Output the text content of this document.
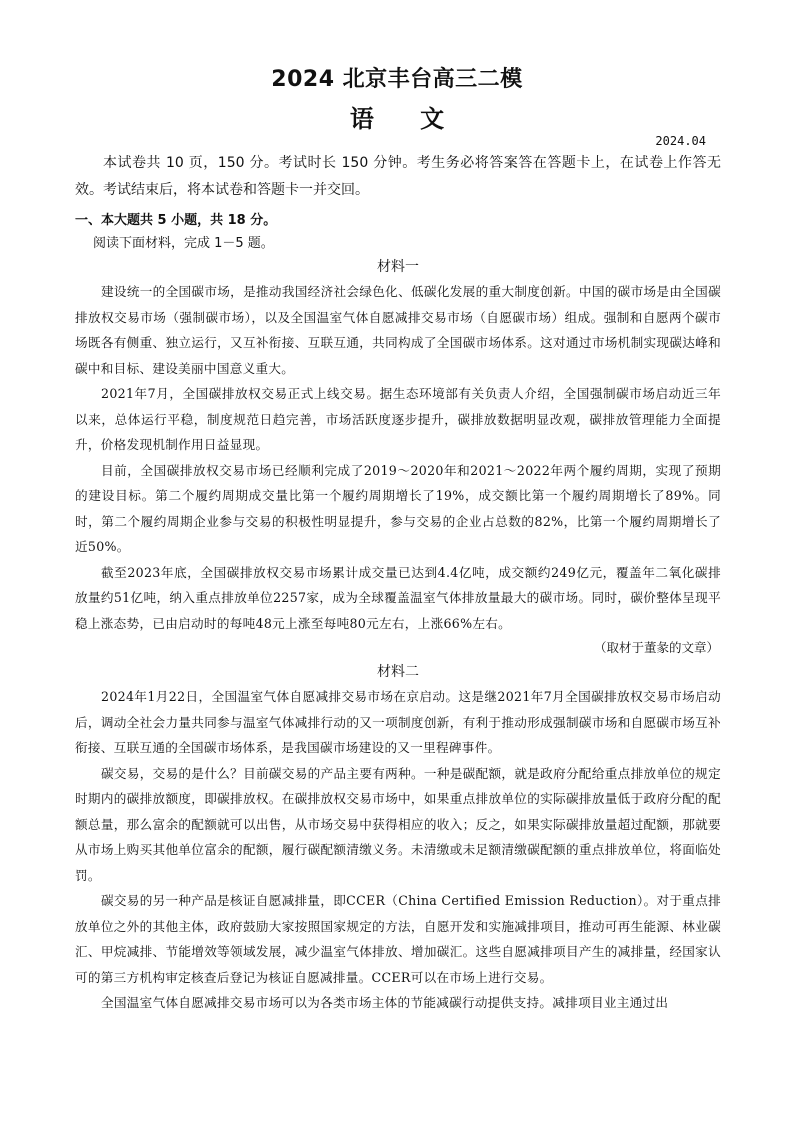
2024 北京丰台高三二模
语 文
2024.04

本试卷共 10 页，150 分。考试时长 150 分钟。考生务必将答案答在答题卡上，在试卷上作答无效。考试结束后，将本试卷和答题卡一并交回。

一、本大题共 5 小题，共 18 分。

阅读下面材料，完成 1－5 题。

材料一

建设统一的全国碳市场，是推动我国经济社会绿色化、低碳化发展的重大制度创新。中国的碳市场是由全国碳排放权交易市场（强制碳市场），以及全国温室气体自愿减排交易市场（自愿碳市场）组成。强制和自愿两个碳市场既各有侧重、独立运行，又互补衔接、互联互通，共同构成了全国碳市场体系。这对通过市场机制实现碳达峰和碳中和目标、建设美丽中国意义重大。

2021年7月，全国碳排放权交易正式上线交易。据生态环境部有关负责人介绍，全国强制碳市场启动近三年以来，总体运行平稳，制度规范日趋完善，市场活跃度逐步提升，碳排放数据明显改观，碳排放管理能力全面提升，价格发现机制作用日益显现。

目前，全国碳排放权交易市场已经顺利完成了2019～2020年和2021～2022年两个履约周期，实现了预期的建设目标。第二个履约周期成交量比第一个履约周期增长了19%，成交额比第一个履约周期增长了89%。同时，第二个履约周期企业参与交易的积极性明显提升，参与交易的企业占总数的82%，比第一个履约周期增长了近50%。

截至2023年底，全国碳排放权交易市场累计成交量已达到4.4亿吨，成交额约249亿元，覆盖年二氧化碳排放量约51亿吨，纳入重点排放单位2257家，成为全球覆盖温室气体排放量最大的碳市场。同时，碳价整体呈现平稳上涨态势，已由启动时的每吨48元上涨至每吨80元左右，上涨66%左右。

（取材于董彖的文章）

材料二

2024年1月22日，全国温室气体自愿减排交易市场在京启动。这是继2021年7月全国碳排放权交易市场启动后，调动全社会力量共同参与温室气体减排行动的又一项制度创新，有利于推动形成强制碳市场和自愿碳市场互补衔接、互联互通的全国碳市场体系，是我国碳市场建设的又一里程碑事件。

碳交易，交易的是什么？目前碳交易的产品主要有两种。一种是碳配额，就是政府分配给重点排放单位的规定时期内的碳排放额度，即碳排放权。在碳排放权交易市场中，如果重点排放单位的实际碳排放量低于政府分配的配额总量，那么富余的配额就可以出售，从市场交易中获得相应的收入；反之，如果实际碳排放量超过配额，那就要从市场上购买其他单位富余的配额，履行碳配额清缴义务。未清缴或未足额清缴碳配额的重点排放单位，将面临处罚。

碳交易的另一种产品是核证自愿减排量，即CCER（China Certified Emission Reduction）。对于重点排放单位之外的其他主体，政府鼓励大家按照国家规定的方法，自愿开发和实施减排项目，推动可再生能源、林业碳汇、甲烷减排、节能增效等领域发展，减少温室气体排放、增加碳汇。这些自愿减排项目产生的减排量，经国家认可的第三方机构审定核查后登记为核证自愿减排量。CCER可以在市场上进行交易。

全国温室气体自愿减排交易市场可以为各类市场主体的节能减碳行动提供支持。减排项目业主通过出
